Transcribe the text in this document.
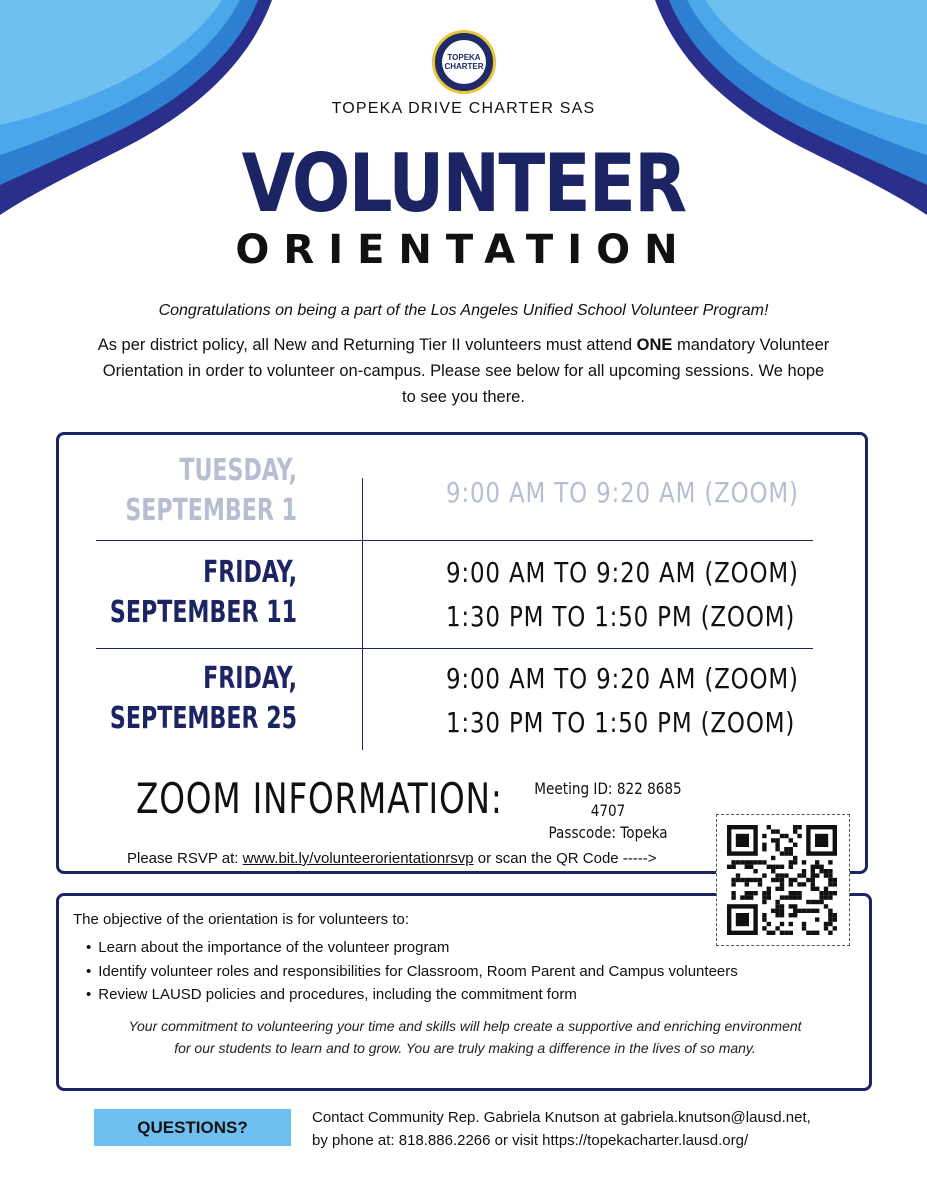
TOPEKA CHARTER
TOPEKA DRIVE CHARTER SAS
VOLUNTEER
ORIENTATION
Congratulations on being a part of the Los Angeles Unified School Volunteer Program!
As per district policy, all New and Returning Tier II volunteers must attend ONE mandatory Volunteer Orientation in order to volunteer on-campus. Please see below for all upcoming sessions. We hope to see you there.
TUESDAY,
SEPTEMBER 1
9:00 AM TO 9:20 AM (ZOOM)
FRIDAY,
SEPTEMBER 11
9:00 AM TO 9:20 AM (ZOOM)
1:30 PM TO 1:50 PM (ZOOM)
FRIDAY,
SEPTEMBER 25
9:00 AM TO 9:20 AM (ZOOM)
1:30 PM TO 1:50 PM (ZOOM)
ZOOM INFORMATION:	Meeting ID: 822 8685 4707
Passcode: Topeka
Please RSVP at: www.bit.ly/volunteerorientationrsvp or scan the QR Code ----->
The objective of the orientation is for volunteers to:
• Learn about the importance of the volunteer program
• Identify volunteer roles and responsibilities for Classroom, Room Parent and Campus volunteers
• Review LAUSD policies and procedures, including the commitment form
Your commitment to volunteering your time and skills will help create a supportive and enriching environment for our students to learn and to grow. You are truly making a difference in the lives of so many.
QUESTIONS?	Contact Community Rep. Gabriela Knutson at gabriela.knutson@lausd.net,
by phone at: 818.886.2266 or visit https://topekacharter.lausd.org/
